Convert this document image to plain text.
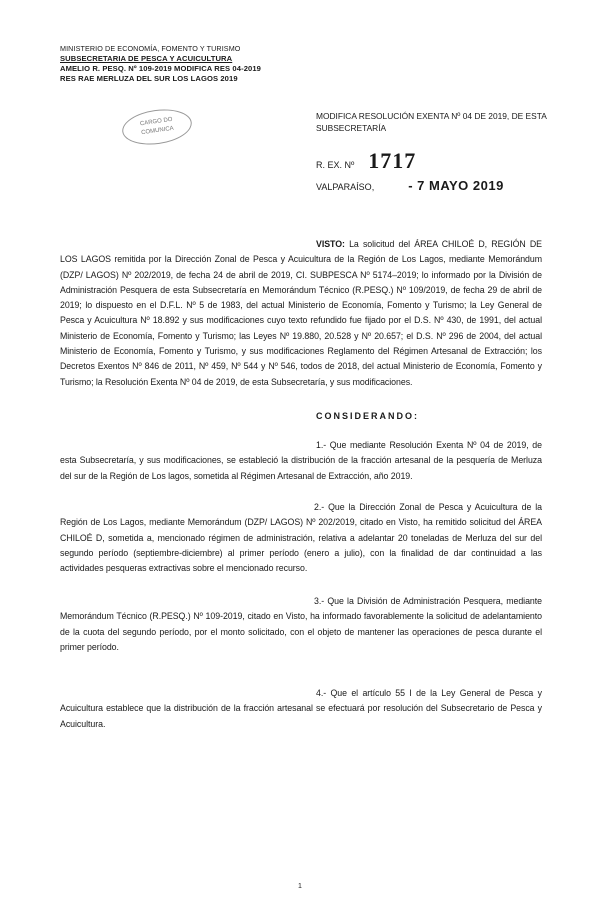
MINISTERIO DE ECONOMÍA, FOMENTO Y TURISMO
SUBSECRETARIA DE PESCA Y ACUICULTURA
AMELIO R. PESQ. Nº 109-2019 MODIFICA RES 04-2019
RES RAE MERLUZA DEL SUR LOS LAGOS 2019
CARGO DO
COMUNICA
MODIFICA RESOLUCIÓN EXENTA Nº 04 DE 2019, DE ESTA SUBSECRETARÍA
R. EX. Nº 1717
VALPARAÍSO,	- 7 MAYO 2019

VISTO: La solicitud del ÁREA CHILOÉ D, REGIÓN DE LOS LAGOS remitida por la Dirección Zonal de Pesca y Acuicultura de la Región de Los Lagos, mediante Memorándum (DZP/ LAGOS) Nº 202/2019, de fecha 24 de abril de 2019, CI. SUBPESCA Nº 5174–2019; lo informado por la División de Administración Pesquera de esta Subsecretaría en Memorándum Técnico (R.PESQ.) Nº 109/2019, de fecha 29 de abril de 2019; lo dispuesto en el D.F.L. Nº 5 de 1983, del actual Ministerio de Economía, Fomento y Turismo; la Ley General de Pesca y Acuicultura Nº 18.892 y sus modificaciones cuyo texto refundido fue fijado por el D.S. Nº 430, de 1991, del actual Ministerio de Economía, Fomento y Turismo; las Leyes Nº 19.880, 20.528 y Nº 20.657; el D.S. Nº 296 de 2004, del actual Ministerio de Economía, Fomento y Turismo, y sus modificaciones Reglamento del Régimen Artesanal de Extracción; los Decretos Exentos Nº 846 de 2011, Nº 459, Nº 544 y Nº 546, todos de 2018, del actual Ministerio de Economía, Fomento y Turismo; la Resolución Exenta Nº 04 de 2019, de esta Subsecretaría, y sus modificaciones.

CONSIDERANDO:

1.- Que mediante Resolución Exenta Nº 04 de 2019, de esta Subsecretaría, y sus modificaciones, se estableció la distribución de la fracción artesanal de la pesquería de Merluza del sur de la Región de Los lagos, sometida al Régimen Artesanal de Extracción, año 2019.

2.- Que la Dirección Zonal de Pesca y Acuicultura de la Región de Los Lagos, mediante Memorándum (DZP/ LAGOS) Nº 202/2019, citado en Visto, ha remitido solicitud del ÁREA CHILOÉ D, sometida a, mencionado régimen de administración, relativa a adelantar 20 toneladas de Merluza del sur del segundo período (septiembre-diciembre) al primer período (enero a julio), con la finalidad de dar continuidad a las actividades pesqueras extractivas sobre el mencionado recurso.

3.- Que la División de Administración Pesquera, mediante Memorándum Técnico (R.PESQ.) Nº 109-2019, citado en Visto, ha informado favorablemente la solicitud de adelantamiento de la cuota del segundo período, por el monto solicitado, con el objeto de mantener las operaciones de pesca durante el primer período.

4.- Que el artículo 55 I de la Ley General de Pesca y Acuicultura establece que la distribución de la fracción artesanal se efectuará por resolución del Subsecretario de Pesca y Acuicultura.

1
